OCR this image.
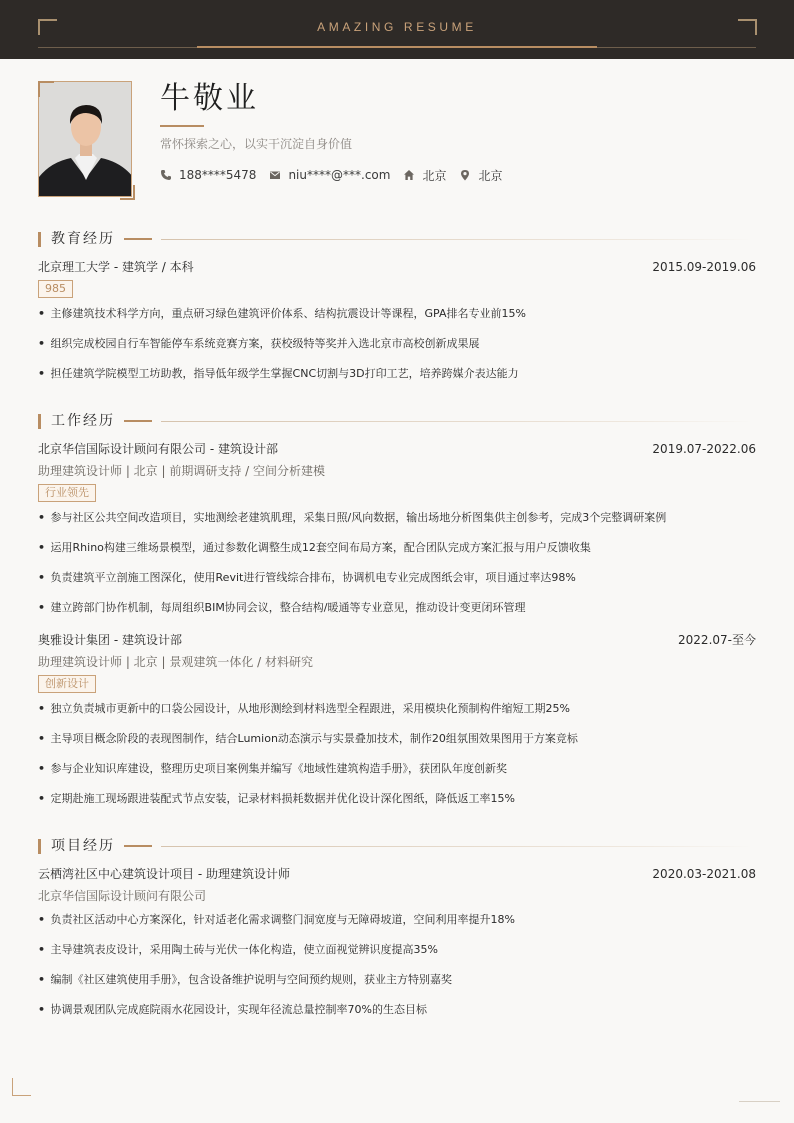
AMAZING RESUME
牛敬业
常怀探索之心，以实干沉淀自身价值
188****5478	niu****@***.com	北京	北京
教育经历
北京理工大学 - 建筑学 / 本科	2015.09-2019.06
985
• 主修建筑技术科学方向，重点研习绿色建筑评价体系、结构抗震设计等课程，GPA排名专业前15%
• 组织完成校园自行车智能停车系统竞赛方案，获校级特等奖并入选北京市高校创新成果展
• 担任建筑学院模型工坊助教，指导低年级学生掌握CNC切割与3D打印工艺，培养跨媒介表达能力
工作经历
北京华信国际设计顾问有限公司 - 建筑设计部	2019.07-2022.06
助理建筑设计师 | 北京 | 前期调研支持 / 空间分析建模
行业领先
• 参与社区公共空间改造项目，实地测绘老建筑肌理，采集日照/风向数据，输出场地分析图集供主创参考，完成3个完整调研案例
• 运用Rhino构建三维场景模型，通过参数化调整生成12套空间布局方案，配合团队完成方案汇报与用户反馈收集
• 负责建筑平立剖施工图深化，使用Revit进行管线综合排布，协调机电专业完成图纸会审，项目通过率达98%
• 建立跨部门协作机制，每周组织BIM协同会议，整合结构/暖通等专业意见，推动设计变更闭环管理
奥雅设计集团 - 建筑设计部	2022.07-至今
助理建筑设计师 | 北京 | 景观建筑一体化 / 材料研究
创新设计
• 独立负责城市更新中的口袋公园设计，从地形测绘到材料选型全程跟进，采用模块化预制构件缩短工期25%
• 主导项目概念阶段的表现图制作，结合Lumion动态演示与实景叠加技术，制作20组氛围效果图用于方案竞标
• 参与企业知识库建设，整理历史项目案例集并编写《地域性建筑构造手册》，获团队年度创新奖
• 定期赴施工现场跟进装配式节点安装，记录材料损耗数据并优化设计深化图纸，降低返工率15%
项目经历
云栖湾社区中心建筑设计项目 - 助理建筑设计师	2020.03-2021.08
北京华信国际设计顾问有限公司
• 负责社区活动中心方案深化，针对适老化需求调整门洞宽度与无障碍坡道，空间利用率提升18%
• 主导建筑表皮设计，采用陶土砖与光伏一体化构造，使立面视觉辨识度提高35%
• 编制《社区建筑使用手册》，包含设备维护说明与空间预约规则，获业主方特别嘉奖
• 协调景观团队完成庭院雨水花园设计，实现年径流总量控制率70%的生态目标
